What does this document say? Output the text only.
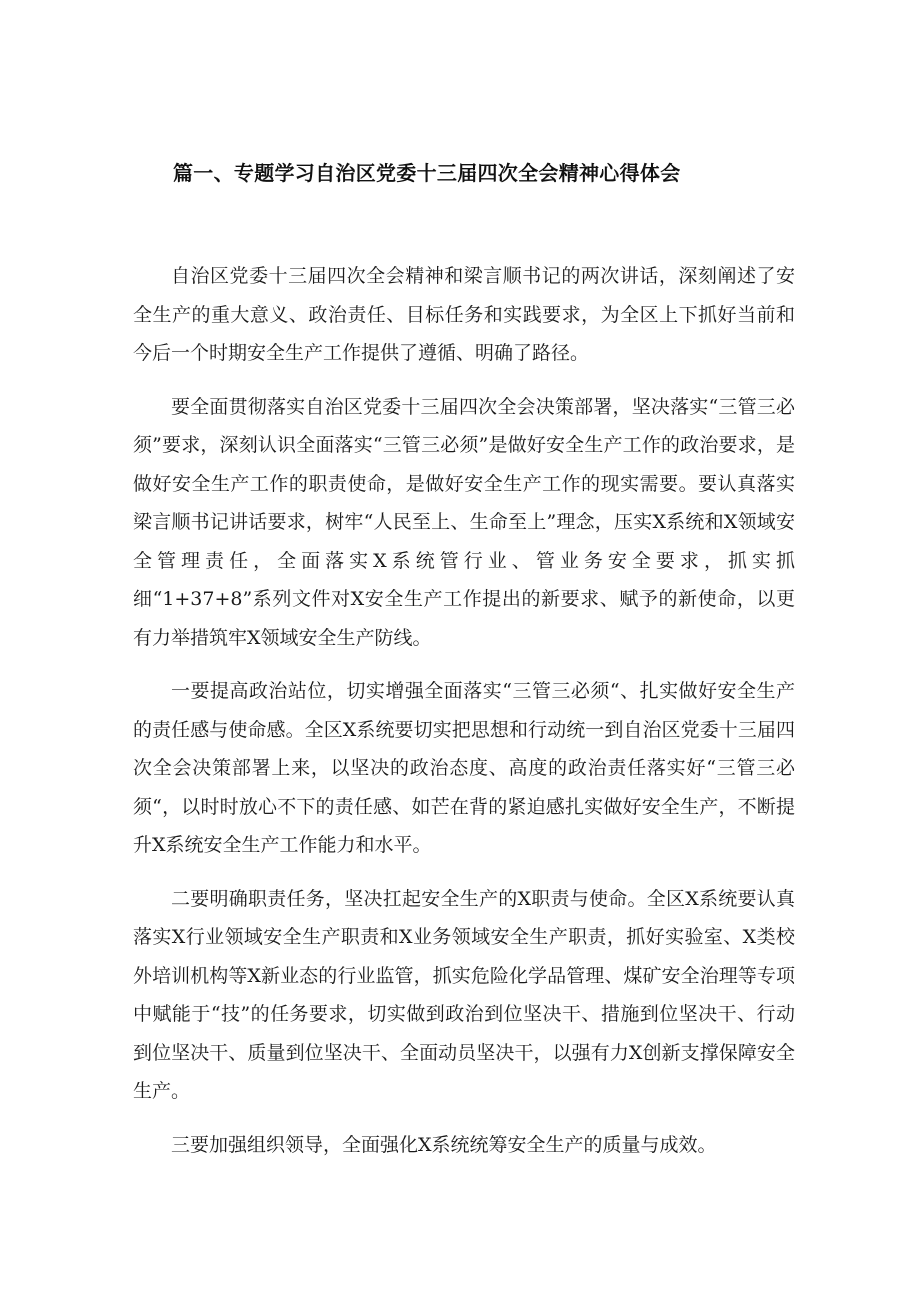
篇一、专题学习自治区党委十三届四次全会精神心得体会

自治区党委十三届四次全会精神和梁言顺书记的两次讲话，深刻阐述了安全生产的重大意义、政治责任、目标任务和实践要求，为全区上下抓好当前和今后一个时期安全生产工作提供了遵循、明确了路径。

要全面贯彻落实自治区党委十三届四次全会决策部署，坚决落实“三管三必须”要求，深刻认识全面落实“三管三必须”是做好安全生产工作的政治要求，是做好安全生产工作的职责使命，是做好安全生产工作的现实需要。要认真落实梁言顺书记讲话要求，树牢“人民至上、生命至上”理念，压实X系统和X领域安全管理责任，全面落实X系统管行业、管业务安全要求，抓实抓细“1+37+8”系列文件对X安全生产工作提出的新要求、赋予的新使命，以更有力举措筑牢X领域安全生产防线。

一要提高政治站位，切实增强全面落实“三管三必须“、扎实做好安全生产的责任感与使命感。全区X系统要切实把思想和行动统一到自治区党委十三届四次全会决策部署上来，以坚决的政治态度、高度的政治责任落实好“三管三必须“，以时时放心不下的责任感、如芒在背的紧迫感扎实做好安全生产，不断提升X系统安全生产工作能力和水平。

二要明确职责任务，坚决扛起安全生产的X职责与使命。全区X系统要认真落实X行业领域安全生产职责和X业务领域安全生产职责，抓好实验室、X类校外培训机构等X新业态的行业监管，抓实危险化学品管理、煤矿安全治理等专项中赋能于“技”的任务要求，切实做到政治到位坚决干、措施到位坚决干、行动到位坚决干、质量到位坚决干、全面动员坚决干，以强有力X创新支撑保障安全生产。

三要加强组织领导，全面强化X系统统筹安全生产的质量与成效。
